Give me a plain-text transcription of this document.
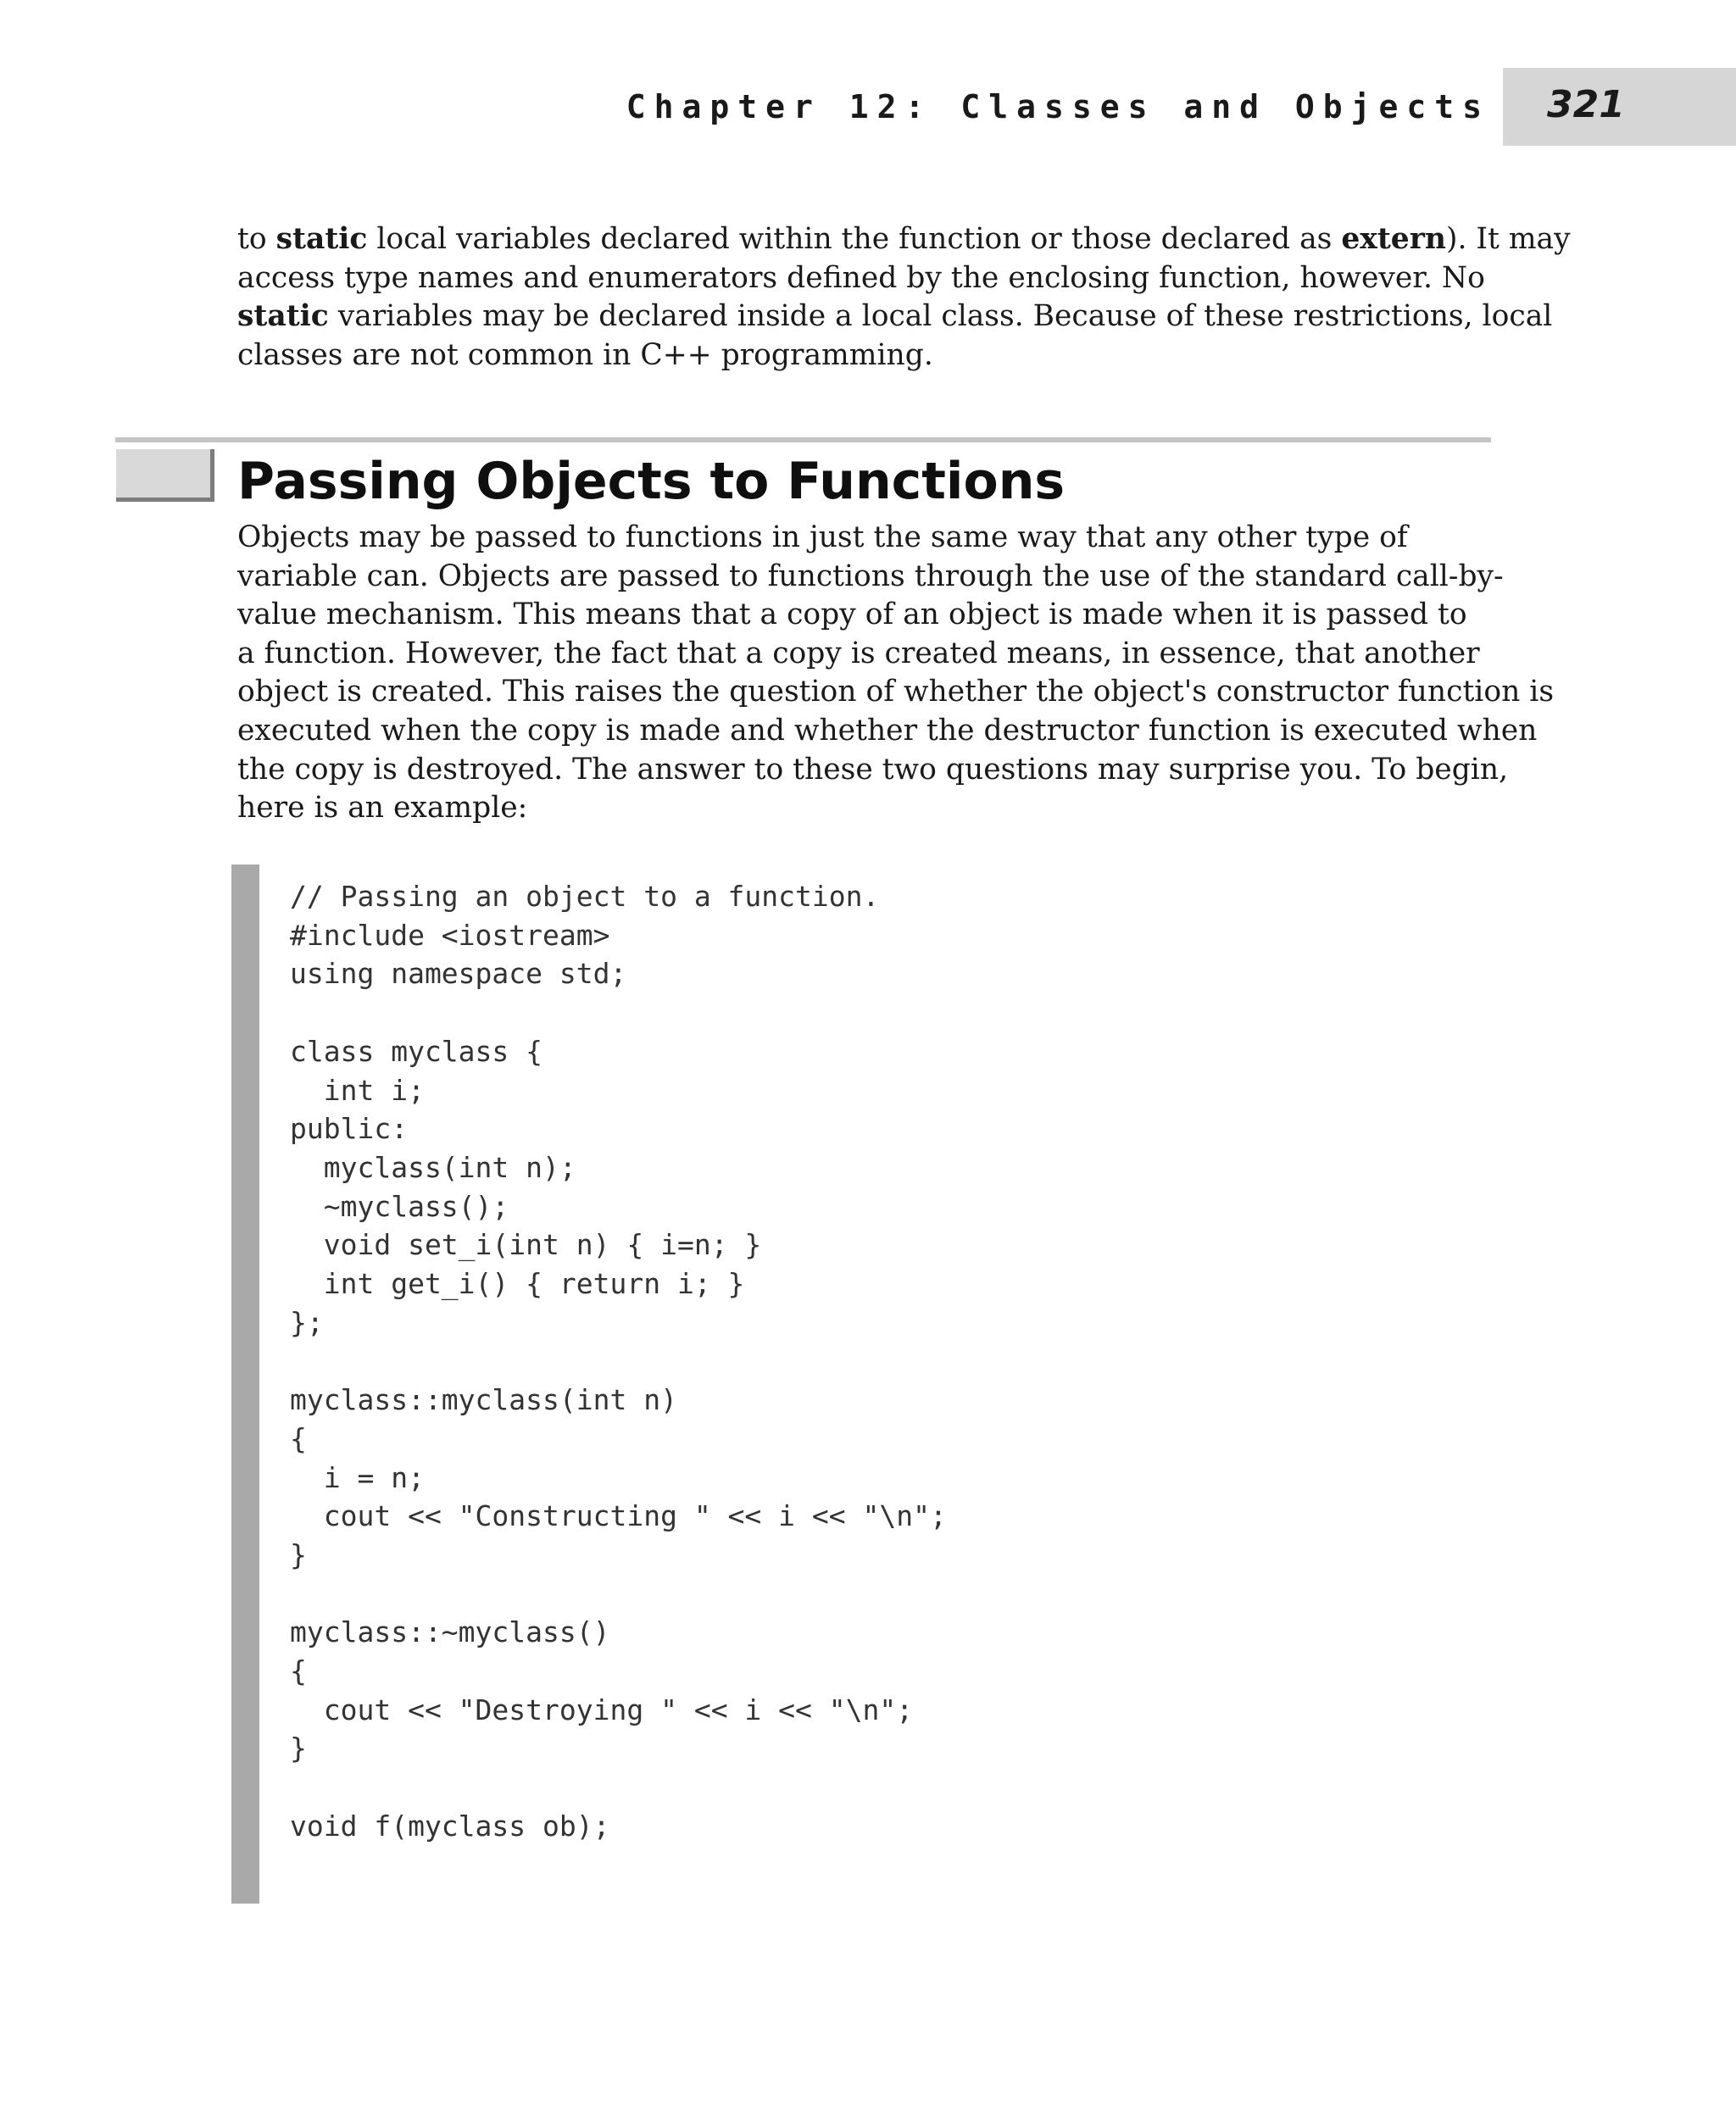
Chapter 12: Classes and Objects 321

to static local variables declared within the function or those declared as extern). It may
access type names and enumerators defined by the enclosing function, however. No
static variables may be declared inside a local class. Because of these restrictions, local
classes are not common in C++ programming.

Passing Objects to Functions

Objects may be passed to functions in just the same way that any other type of
variable can. Objects are passed to functions through the use of the standard call-by-
value mechanism. This means that a copy of an object is made when it is passed to
a function. However, the fact that a copy is created means, in essence, that another
object is created. This raises the question of whether the object's constructor function is
executed when the copy is made and whether the destructor function is executed when
the copy is destroyed. The answer to these two questions may surprise you. To begin,
here is an example:

// Passing an object to a function.
#include <iostream>
using namespace std;
class myclass {
int i;
public:
myclass(int n);
~myclass();
void set_i(int n) { i=n; }
int get_i() { return i; }
};
myclass::myclass(int n)
{
i = n;
cout << "Constructing " << i << "\n";
}
myclass::~myclass()
{
cout << "Destroying " << i << "\n";
}
void f(myclass ob);
